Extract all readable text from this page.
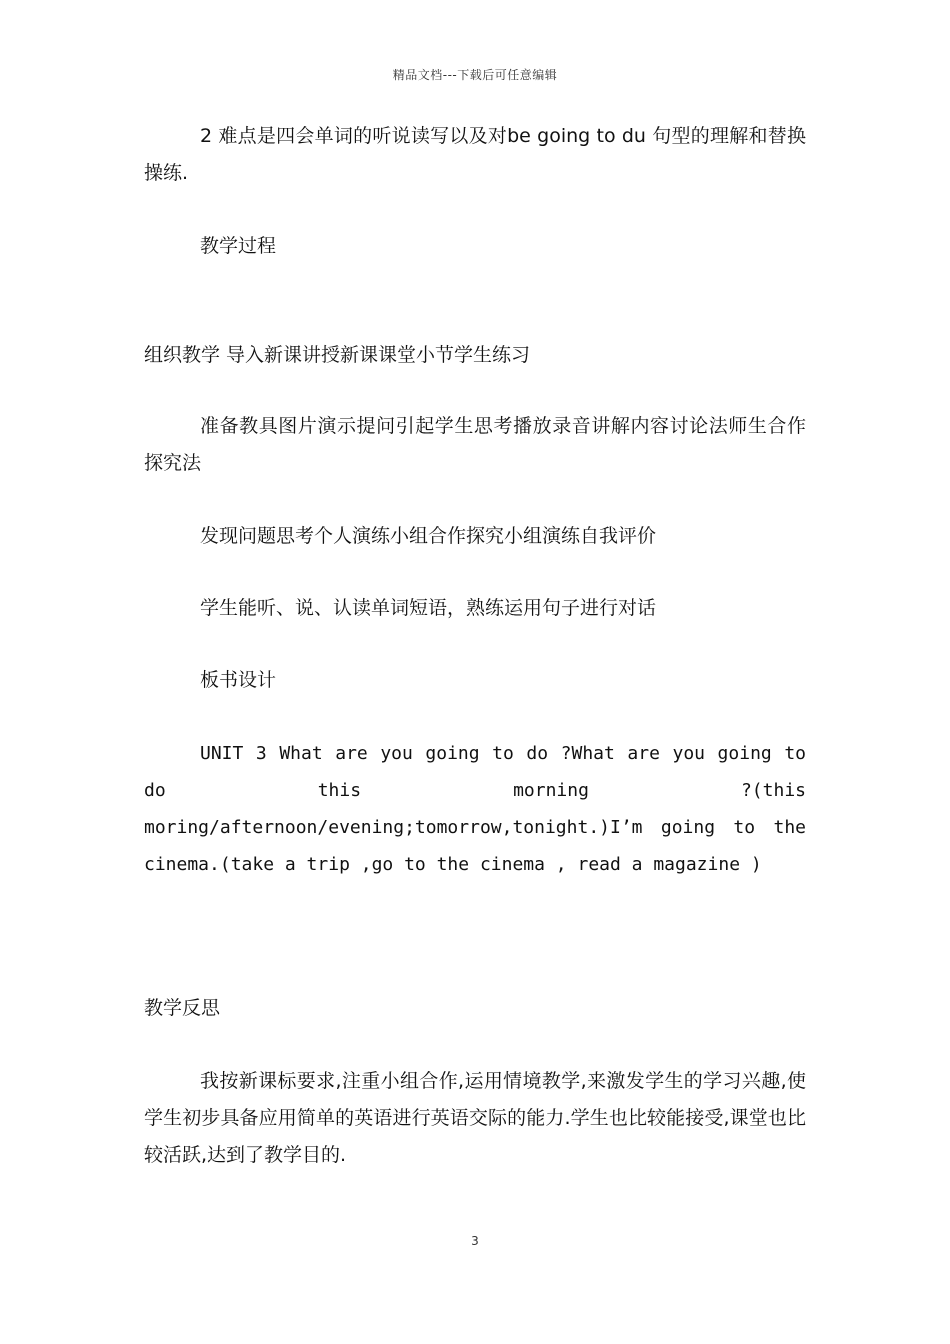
精品文档---下载后可任意编辑

2 难点是四会单词的听说读写以及对be going to du 句型的理解和替换操练.

教学过程

组织教学 导入新课讲授新课课堂小节学生练习

准备教具图片演示提问引起学生思考播放录音讲解内容讨论法师生合作探究法

发现问题思考个人演练小组合作探究小组演练自我评价

学生能听、说、认读单词短语，熟练运用句子进行对话

板书设计

UNIT 3 What are you going to do ?What are you going to do this morning ?(this moring/afternoon/evening;tomorrow,tonight.)I’m going to the cinema.(take a trip ,go to the cinema , read a magazine )

教学反思

我按新课标要求,注重小组合作,运用情境教学,来激发学生的学习兴趣,使学生初步具备应用简单的英语进行英语交际的能力.学生也比较能接受,课堂也比较活跃,达到了教学目的.

3
